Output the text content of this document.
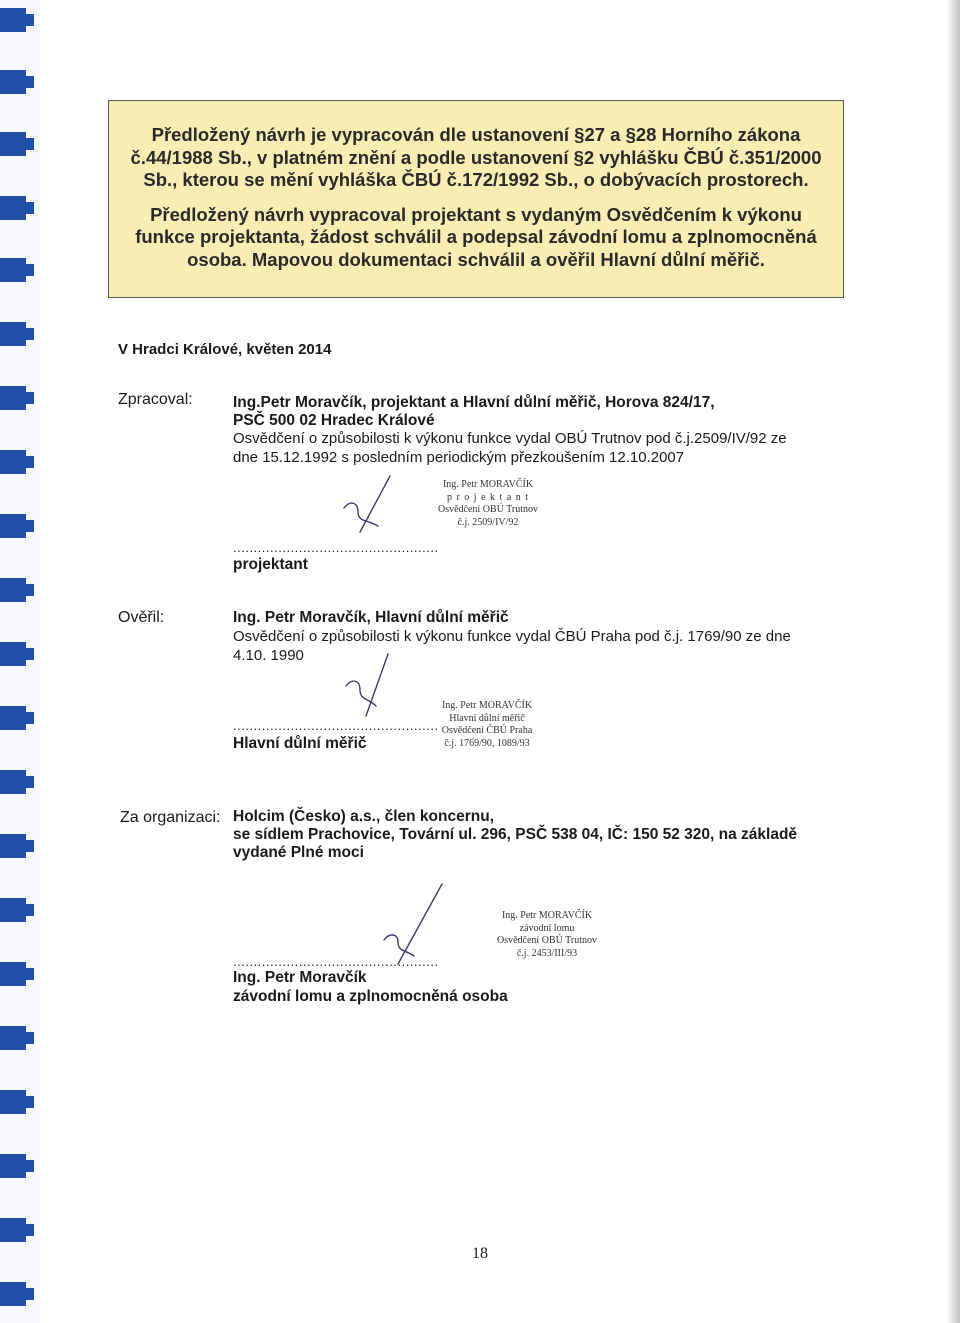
Předložený návrh je vypracován dle ustanovení §27 a §28 Horního zákona č.44/1988 Sb., v platném znění a podle ustanovení §2 vyhlášku ČBÚ č.351/2000 Sb., kterou se mění vyhláška ČBÚ č.172/1992 Sb., o dobývacích prostorech.

Předložený návrh vypracoval projektant s vydaným Osvědčením k výkonu funkce projektanta, žádost schválil a podepsal závodní lomu a zplnomocněná osoba. Mapovou dokumentaci schválil a ověřil Hlavní důlní měřič.

V Hradci Králové, květen 2014
Zpracoval:	Ing.Petr Moravčík, projektant a Hlavní důlní měřič, Horova 824/17,
PSČ 500 02 Hradec Králové
Osvědčení o způsobilosti k výkonu funkce vydal OBÚ Trutnov pod č.j.2509/IV/92 ze
dne 15.12.1992 s posledním periodickým přezkoušením 12.10.2007
Ing. Petr MORAVČÍK
p r o j e k t a n t
Osvědčení OBÚ Trutnov
č.j. 2509/IV/92
..................................................
projektant
Ověřil:	Ing. Petr Moravčík, Hlavní důlní měřič
Osvědčení o způsobilosti k výkonu funkce vydal ČBÚ Praha pod č.j. 1769/90 ze dne
4.10. 1990
Ing. Petr MORAVČÍK
Hlavní důlní měřič
Osvědčení ČBÚ Praha
č.j. 1769/90, 1089/93
..................................................
Hlavní důlní měřič
Za organizaci: Holcim (Česko) a.s., člen koncernu,
se sídlem Prachovice, Tovární ul. 296, PSČ 538 04, IČ: 150 52 320, na základě
vydané Plné moci
Ing. Petr MORAVČÍK
závodní lomu
Osvědčení OBÚ Trutnov
č.j. 2453/III/93
..................................................
Ing. Petr Moravčík
závodní lomu a zplnomocněná osoba
18
